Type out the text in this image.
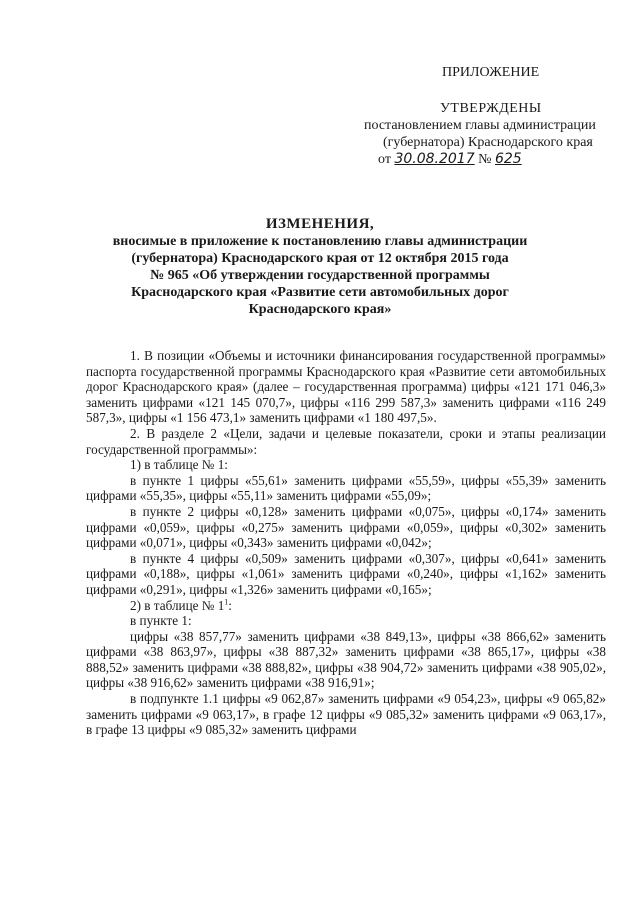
ПРИЛОЖЕНИЕ
УТВЕРЖДЕНЫ
постановлением главы администрации
(губернатора) Краснодарского края
от 30.08.2017 № 625
ИЗМЕНЕНИЯ,
вносимые в приложение к постановлению главы администрации
(губернатора) Краснодарского края от 12 октября 2015 года
№ 965 «Об утверждении государственной программы
Краснодарского края «Развитие сети автомобильных дорог
Краснодарского края»

1. В позиции «Объемы и источники финансирования государственной программы» паспорта государственной программы Краснодарского края «Развитие сети автомобильных дорог Краснодарского края» (далее – государственная программа) цифры «121 171 046,3» заменить цифрами «121 145 070,7», цифры «116 299 587,3» заменить цифрами «116 249 587,3», цифры «1 156 473,1» заменить цифрами «1 180 497,5».

2. В разделе 2 «Цели, задачи и целевые показатели, сроки и этапы реализации государственной программы»:

1) в таблице № 1:

в пункте 1 цифры «55,61» заменить цифрами «55,59», цифры «55,39» заменить цифрами «55,35», цифры «55,11» заменить цифрами «55,09»;

в пункте 2 цифры «0,128» заменить цифрами «0,075», цифры «0,174» заменить цифрами «0,059», цифры «0,275» заменить цифрами «0,059», цифры «0,302» заменить цифрами «0,071», цифры «0,343» заменить цифрами «0,042»;

в пункте 4 цифры «0,509» заменить цифрами «0,307», цифры «0,641» заменить цифрами «0,188», цифры «1,061» заменить цифрами «0,240», цифры «1,162» заменить цифрами «0,291», цифры «1,326» заменить цифрами «0,165»;

2) в таблице № $1^1$:

в пункте 1:

цифры «38 857,77» заменить цифрами «38 849,13», цифры «38 866,62» заменить цифрами «38 863,97», цифры «38 887,32» заменить цифрами «38 865,17», цифры «38 888,52» заменить цифрами «38 888,82», цифры «38 904,72» заменить цифрами «38 905,02», цифры «38 916,62» заменить цифрами «38 916,91»;

в подпункте 1.1 цифры «9 062,87» заменить цифрами «9 054,23», цифры «9 065,82» заменить цифрами «9 063,17», в графе 12 цифры «9 085,32» заменить цифрами «9 063,17», в графе 13 цифры «9 085,32» заменить цифрами
